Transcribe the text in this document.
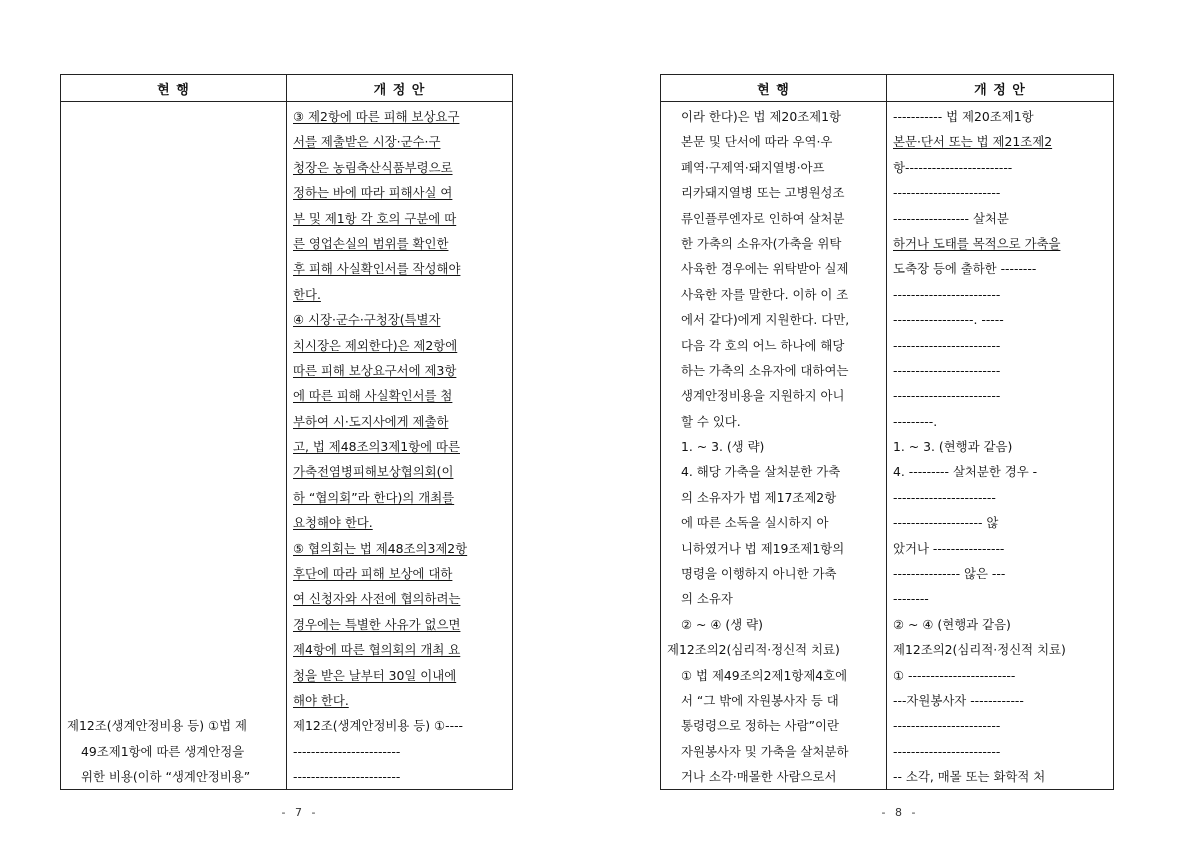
현 행	개 정 안
제12조(생계안정비용 등) ①법 제
49조제1항에 따른 생계안정을
위한 비용(이하 “생계안정비용”
③ 제2항에 따른 피해 보상요구
서를 제출받은 시장·군수·구
청장은 농림축산식품부령으로
정하는 바에 따라 피해사실 여
부 및 제1항 각 호의 구분에 따
른 영업손실의 범위를 확인한
후 피해 사실확인서를 작성해야
한다.
④ 시장·군수·구청장(특별자
치시장은 제외한다)은 제2항에
따른 피해 보상요구서에 제3항
에 따른 피해 사실확인서를 첨
부하여 시·도지사에게 제출하
고, 법 제48조의3제1항에 따른
가축전염병피해보상협의회(이
하 “협의회”라 한다)의 개최를
요청해야 한다.
⑤ 협의회는 법 제48조의3제2항
후단에 따라 피해 보상에 대하
여 신청자와 사전에 협의하려는
경우에는 특별한 사유가 없으면
제4항에 따른 협의회의 개최 요
청을 받은 날부터 30일 이내에
해야 한다.
제12조(생계안정비용 등) ①----
------------------------
------------------------
- 7 -
현 행	개 정 안
이라 한다)은 법 제20조제1항
본문 및 단서에 따라 우역·우
폐역·구제역·돼지열병·아프
리카돼지열병 또는 고병원성조
류인플루엔자로 인하여 살처분
한 가축의 소유자(가축을 위탁
사육한 경우에는 위탁받아 실제
사육한 자를 말한다. 이하 이 조
에서 같다)에게 지원한다. 다만,
다음 각 호의 어느 하나에 해당
하는 가축의 소유자에 대하여는
생계안정비용을 지원하지 아니
할 수 있다.
1. ~ 3. (생 략)
4. 해당 가축을 살처분한 가축
의 소유자가 법 제17조제2항
에 따른 소독을 실시하지 아
니하였거나 법 제19조제1항의
명령을 이행하지 아니한 가축
의 소유자
② ~ ④ (생 략)
제12조의2(심리적·정신적 치료)
① 법 제49조의2제1항제4호에
서 “그 밖에 자원봉사자 등 대
통령령으로 정하는 사람”이란
자원봉사자 및 가축을 살처분하
거나 소각·매몰한 사람으로서
----------- 법 제20조제1항
본문·단서 또는 법 제21조제2
항------------------------
------------------------
----------------- 살처분
하거나 도태를 목적으로 가축을
도축장 등에 출하한 --------
------------------------
------------------. -----
------------------------
------------------------
------------------------
---------.
1. ~ 3. (현행과 같음)
4. --------- 살처분한 경우 -
-----------------------
-------------------- 않
았거나 ----------------
--------------- 않은 ---
--------
② ~ ④ (현행과 같음)
제12조의2(심리적·정신적 치료)
① ------------------------
---자원봉사자 ------------
------------------------
------------------------
-- 소각, 매몰 또는 화학적 처
- 8 -
